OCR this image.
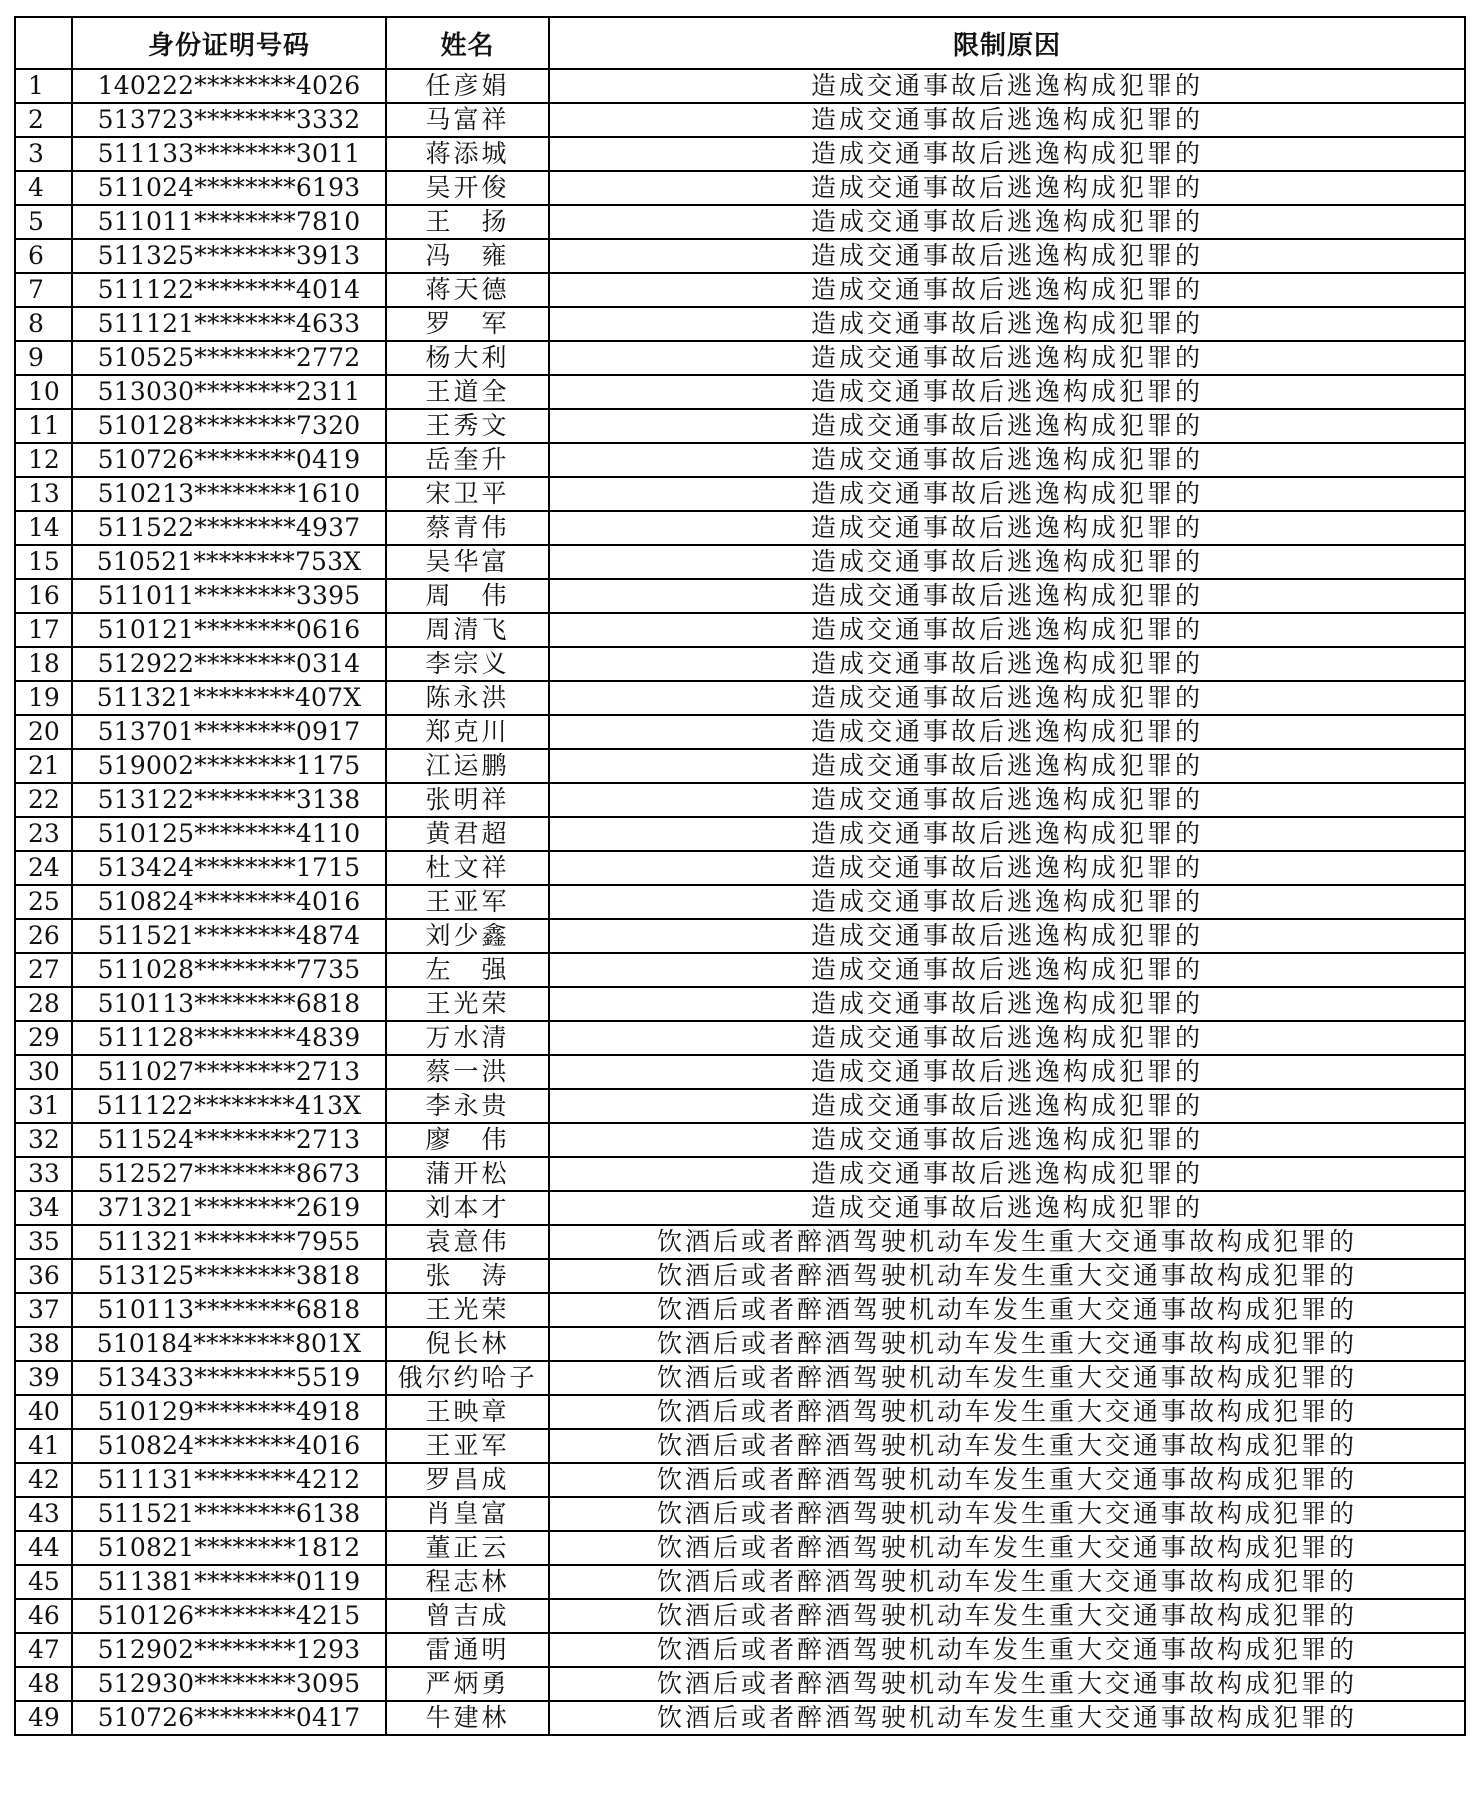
	身份证明号码	姓名	限制原因
1	140222********4026	任彦娟	造成交通事故后逃逸构成犯罪的
2	513723********3332	马富祥	造成交通事故后逃逸构成犯罪的
3	511133********3011	蒋添城	造成交通事故后逃逸构成犯罪的
4	511024********6193	吴开俊	造成交通事故后逃逸构成犯罪的
5	511011********7810	王　扬	造成交通事故后逃逸构成犯罪的
6	511325********3913	冯　雍	造成交通事故后逃逸构成犯罪的
7	511122********4014	蒋天德	造成交通事故后逃逸构成犯罪的
8	511121********4633	罗　军	造成交通事故后逃逸构成犯罪的
9	510525********2772	杨大利	造成交通事故后逃逸构成犯罪的
10	513030********2311	王道全	造成交通事故后逃逸构成犯罪的
11	510128********7320	王秀文	造成交通事故后逃逸构成犯罪的
12	510726********0419	岳奎升	造成交通事故后逃逸构成犯罪的
13	510213********1610	宋卫平	造成交通事故后逃逸构成犯罪的
14	511522********4937	蔡青伟	造成交通事故后逃逸构成犯罪的
15	510521********753X	吴华富	造成交通事故后逃逸构成犯罪的
16	511011********3395	周　伟	造成交通事故后逃逸构成犯罪的
17	510121********0616	周清飞	造成交通事故后逃逸构成犯罪的
18	512922********0314	李宗义	造成交通事故后逃逸构成犯罪的
19	511321********407X	陈永洪	造成交通事故后逃逸构成犯罪的
20	513701********0917	郑克川	造成交通事故后逃逸构成犯罪的
21	519002********1175	江运鹏	造成交通事故后逃逸构成犯罪的
22	513122********3138	张明祥	造成交通事故后逃逸构成犯罪的
23	510125********4110	黄君超	造成交通事故后逃逸构成犯罪的
24	513424********1715	杜文祥	造成交通事故后逃逸构成犯罪的
25	510824********4016	王亚军	造成交通事故后逃逸构成犯罪的
26	511521********4874	刘少鑫	造成交通事故后逃逸构成犯罪的
27	511028********7735	左　强	造成交通事故后逃逸构成犯罪的
28	510113********6818	王光荣	造成交通事故后逃逸构成犯罪的
29	511128********4839	万水清	造成交通事故后逃逸构成犯罪的
30	511027********2713	蔡一洪	造成交通事故后逃逸构成犯罪的
31	511122********413X	李永贵	造成交通事故后逃逸构成犯罪的
32	511524********2713	廖　伟	造成交通事故后逃逸构成犯罪的
33	512527********8673	蒲开松	造成交通事故后逃逸构成犯罪的
34	371321********2619	刘本才	造成交通事故后逃逸构成犯罪的
35	511321********7955	袁意伟	饮酒后或者醉酒驾驶机动车发生重大交通事故构成犯罪的
36	513125********3818	张　涛	饮酒后或者醉酒驾驶机动车发生重大交通事故构成犯罪的
37	510113********6818	王光荣	饮酒后或者醉酒驾驶机动车发生重大交通事故构成犯罪的
38	510184********801X	倪长林	饮酒后或者醉酒驾驶机动车发生重大交通事故构成犯罪的
39	513433********5519	俄尔约哈子	饮酒后或者醉酒驾驶机动车发生重大交通事故构成犯罪的
40	510129********4918	王映章	饮酒后或者醉酒驾驶机动车发生重大交通事故构成犯罪的
41	510824********4016	王亚军	饮酒后或者醉酒驾驶机动车发生重大交通事故构成犯罪的
42	511131********4212	罗昌成	饮酒后或者醉酒驾驶机动车发生重大交通事故构成犯罪的
43	511521********6138	肖皇富	饮酒后或者醉酒驾驶机动车发生重大交通事故构成犯罪的
44	510821********1812	董正云	饮酒后或者醉酒驾驶机动车发生重大交通事故构成犯罪的
45	511381********0119	程志林	饮酒后或者醉酒驾驶机动车发生重大交通事故构成犯罪的
46	510126********4215	曾吉成	饮酒后或者醉酒驾驶机动车发生重大交通事故构成犯罪的
47	512902********1293	雷通明	饮酒后或者醉酒驾驶机动车发生重大交通事故构成犯罪的
48	512930********3095	严炳勇	饮酒后或者醉酒驾驶机动车发生重大交通事故构成犯罪的
49	510726********0417	牛建林	饮酒后或者醉酒驾驶机动车发生重大交通事故构成犯罪的
